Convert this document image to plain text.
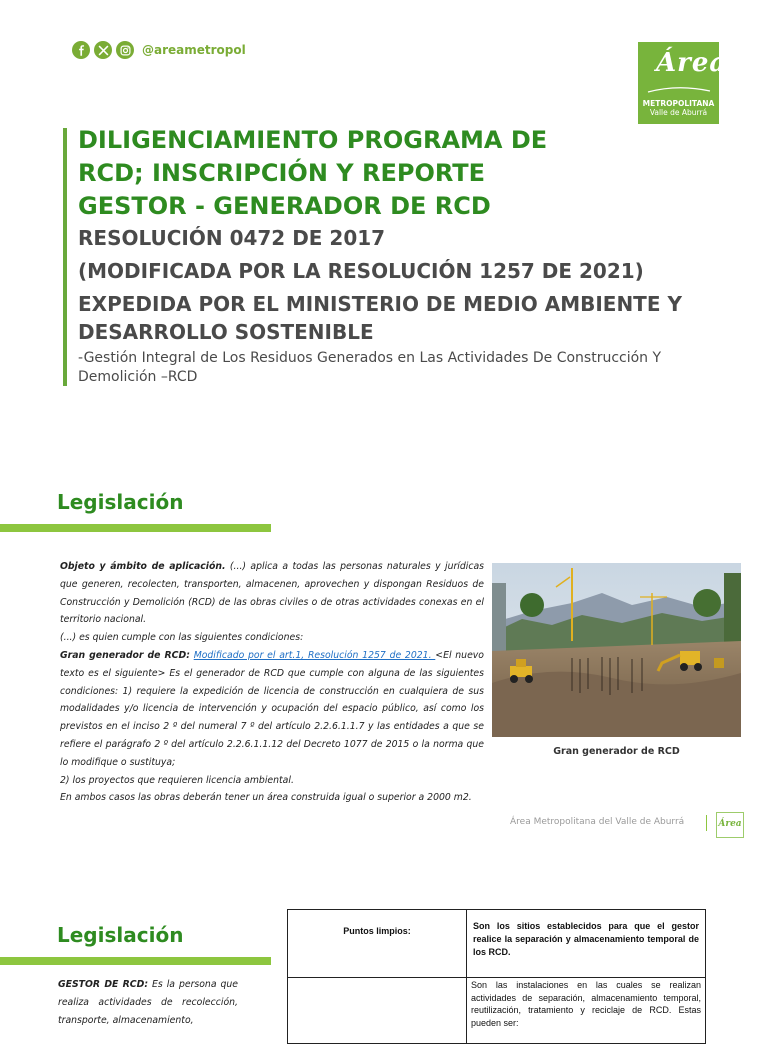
@areametropol	Área
METROPOLITANA
Valle de Aburrá
DILIGENCIAMIENTO PROGRAMA DE
RCD; INSCRIPCIÓN Y REPORTE
GESTOR - GENERADOR DE RCD
RESOLUCIÓN 0472 DE 2017
(MODIFICADA POR LA RESOLUCIÓN 1257 DE 2021)
EXPEDIDA POR EL MINISTERIO DE MEDIO AMBIENTE Y
DESARROLLO SOSTENIBLE
-Gestión Integral de Los Residuos Generados en Las Actividades De Construcción Y
Demolición –RCD
Legislación

Objeto y ámbito de aplicación. (...) aplica a todas las personas naturales y jurídicas que generen, recolecten, transporten, almacenen, aprovechen y dispongan Residuos de Construcción y Demolición (RCD) de las obras civiles o de otras actividades conexas en el territorio nacional.

(...) es quien cumple con las siguientes condiciones:

Gran generador de RCD: Modificado por el art.1, Resolución 1257 de 2021. <El nuevo texto es el siguiente> Es el generador de RCD que cumple con alguna de las siguientes condiciones: 1) requiere la expedición de licencia de construcción en cualquiera de sus modalidades y/o licencia de intervención y ocupación del espacio público, así como los previstos en el inciso 2 º del numeral 7 º del artículo 2.2.6.1.1.7 y las entidades a que se refiere el parágrafo 2 º del artículo 2.2.6.1.1.12 del Decreto 1077 de 2015 o la norma que lo modifique o sustituya;

2) los proyectos que requieren licencia ambiental.

En ambos casos las obras deberán tener un área construida igual o superior a 2000 m2.

Gran generador de RCD
Área Metropolitana del Valle de Aburrá	Área
Legislación
GESTOR DE RCD: Es la persona que realiza actividades de recolección, transporte, almacenamiento,
Puntos limpios:	Son los sitios establecidos para que el gestor realice la separación y almacenamiento temporal de los RCD.
	Son las instalaciones en las cuales se realizan actividades de separación, almacenamiento temporal, reutilización, tratamiento y reciclaje de RCD. Estas pueden ser:
